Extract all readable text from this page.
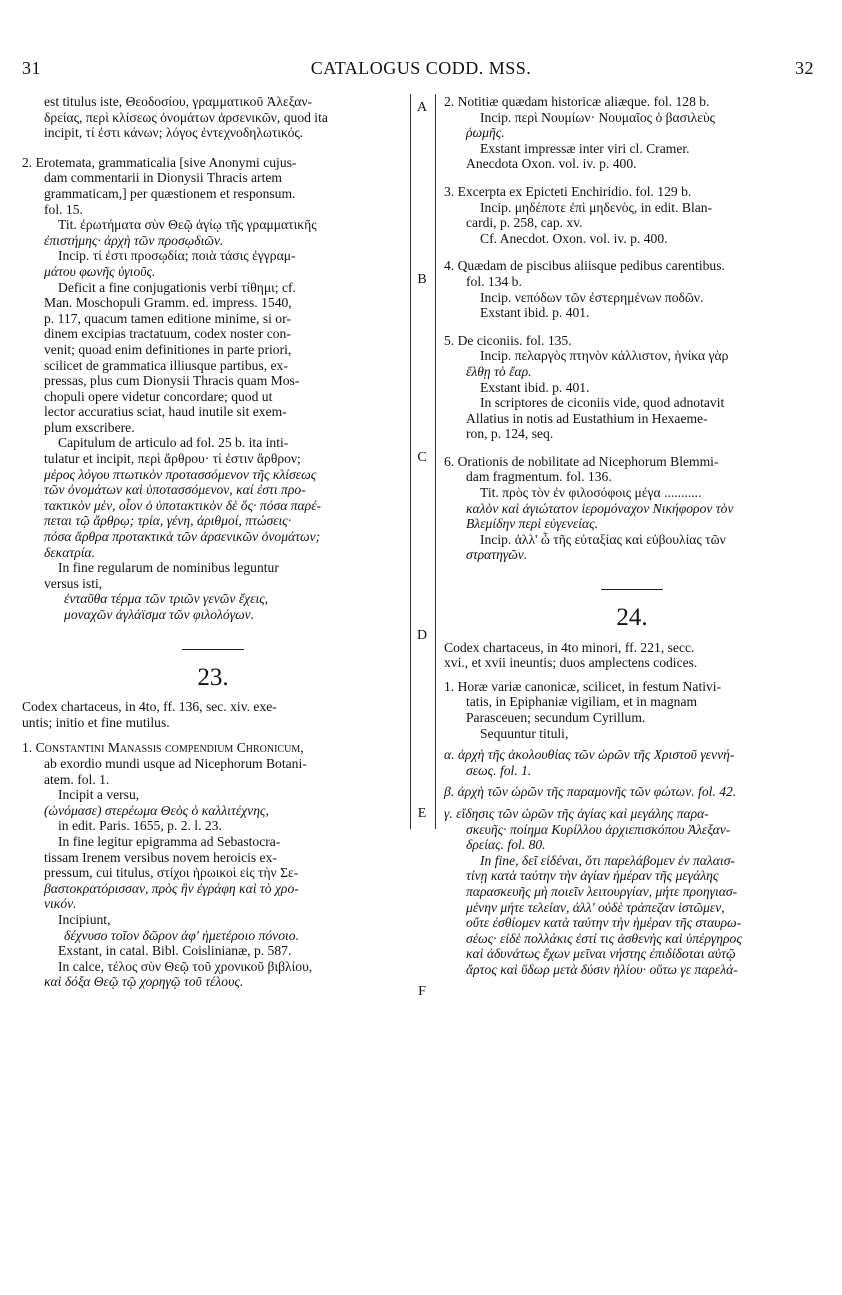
31	CATALOGUS CODD. MSS.	32
A
B
C
D
E
F

est titulus iste, Θεοδοσίου, γραμματικοῦ Ἀλεξαν-

δρείας, περὶ κλίσεως ὀνομάτων ἀρσενικῶν, quod ita

incipit, τί ἐστι κάνων; λόγος ἐντεχνοδηλωτικός.

2. Erotemata, grammaticalia [sive Anonymi cujus-

dam commentarii in Dionysii Thracis artem

grammaticam,] per quæstionem et responsum.

fol. 15.

Tit. ἐρωτήματα σὺν Θεῷ ἁγίῳ τῆς γραμματικῆς

ἐπιστήμης· ἀρχὴ τῶν προσῳδιῶν.

Incip. τί ἐστι προσῳδία; ποιὰ τάσις ἐγγραμ-

μάτου φωνῆς ὑγιοῦς.

Deficit a fine conjugationis verbi τίθημι; cf.

Man. Moschopuli Gramm. ed. impress. 1540,

p. 117, quacum tamen editione minime, si or-

dinem excipias tractatuum, codex noster con-

venit; quoad enim definitiones in parte priori,

scilicet de grammatica illiusque partibus, ex-

pressas, plus cum Dionysii Thracis quam Mos-

chopuli opere videtur concordare; quod ut

lector accuratius sciat, haud inutile sit exem-

plum exscribere.

Capitulum de articulo ad fol. 25 b. ita inti-

tulatur et incipit, περὶ ἄρθρου· τί ἐστιν ἄρθρον;

μέρος λόγου πτωτικὸν προτασσόμενον τῆς κλίσεως

τῶν ὀνομάτων καὶ ὑποτασσόμενον, καί ἐστι προ-

τακτικὸν μὲν, οἷον ὁ ὑποτακτικὸν δὲ ὅς· πόσα παρέ-

πεται τῷ ἄρθρῳ; τρία, γένη, ἀριθμοί, πτώσεις·

πόσα ἄρθρα προτακτικὰ τῶν ἀρσενικῶν ὀνομάτων;

δεκατρία.

In fine regularum de nominibus leguntur

versus isti,

ἐνταῦθα τέρμα τῶν τριῶν γενῶν ἔχεις,

μοναχῶν ἀγλάϊσμα τῶν φιλολόγων.

23.

Codex chartaceus, in 4to, ff. 136, sec. xiv. exe-

untis; initio et fine mutilus.

1. Constantini Manassis compendium Chronicum,

ab exordio mundi usque ad Nicephorum Botani-

atem. fol. 1.

Incipit a versu,

(ὠνόμασε) στερέωμα Θεὸς ὁ καλλιτέχνης,

in edit. Paris. 1655, p. 2. l. 23.

In fine legitur epigramma ad Sebastocra-

tissam Irenem versibus novem heroicis ex-

pressum, cui titulus, στίχοι ἡρωικοὶ εἰς τὴν Σε-

βαστοκρατόρισσαν, πρὸς ἣν ἐγράφη καὶ τὸ χρο-

νικόν.

Incipiunt,

δέχνυσο τοῖον δῶρον ἀφ' ἡμετέροιο πόνοιο.

Exstant, in catal. Bibl. Coislinianæ, p. 587.

In calce, τέλος σὺν Θεῷ τοῦ χρονικοῦ βιβλίου,

καὶ δόξα Θεῷ τῷ χορηγῷ τοῦ τέλους.

2. Notitiæ quædam historicæ aliæque. fol. 128 b.

Incip. περὶ Νουμίων· Νουμαῖος ὁ βασιλεὺς

ῥωμῆς.

Exstant impressæ inter viri cl. Cramer.

Anecdota Oxon. vol. iv. p. 400.

3. Excerpta ex Epicteti Enchiridio. fol. 129 b.

Incip. μηδέποτε ἐπὶ μηδενὸς, in edit. Blan-

cardi, p. 258, cap. xv.

Cf. Anecdot. Oxon. vol. iv. p. 400.

4. Quædam de piscibus aliisque pedibus carentibus.

fol. 134 b.

Incip. νεπόδων τῶν ἐστερημένων ποδῶν.

Exstant ibid. p. 401.

5. De ciconiis. fol. 135.

Incip. πελαργὸς πτηνὸν κάλλιστον, ἡνίκα γὰρ

ἔλθῃ τὸ ἔαρ.

Exstant ibid. p. 401.

In scriptores de ciconiis vide, quod adnotavit

Allatius in notis ad Eustathium in Hexaeme-

ron, p. 124, seq.

6. Orationis de nobilitate ad Nicephorum Blemmi-

dam fragmentum. fol. 136.

Tit. πρὸς τὸν ἐν φιλοσόφοις μέγα ...........

καλὸν καὶ ἁγιώτατον ἱερομόναχον Νικήφορον τὸν

Βλεμίδην περὶ εὐγενείας.

Incip. ἀλλ' ὦ τῆς εὐταξίας καὶ εὐβουλίας τῶν

στρατηγῶν.

24.

Codex chartaceus, in 4to minori, ff. 221, secc.

xvi., et xvii ineuntis; duos amplectens codices.

1. Horæ variæ canonicæ, scilicet, in festum Nativi-

tatis, in Epiphaniæ vigiliam, et in magnam

Parasceuen; secundum Cyrillum.

Sequuntur tituli,

α. ἀρχὴ τῆς ἀκολουθίας τῶν ὡρῶν τῆς Χριστοῦ γεννή-

σεως. fol. 1.

β. ἀρχὴ τῶν ὡρῶν τῆς παραμονῆς τῶν φώτων. fol. 42.

γ. εἴδησις τῶν ὡρῶν τῆς ἁγίας καὶ μεγάλης παρα-

σκευῆς· ποίημα Κυρίλλου ἀρχιεπισκόπου Ἀλεξαν-

δρείας. fol. 80.

In fine, δεῖ εἰδέναι, ὅτι παρελάβομεν ἐν παλαισ-

τίνῃ κατὰ ταύτην τὴν ἁγίαν ἡμέραν τῆς μεγάλης

παρασκευῆς μὴ ποιεῖν λειτουργίαν, μήτε προηγιασ-

μένην μήτε τελείαν, ἀλλ' οὐδὲ τράπεζαν ἱστῶμεν,

οὔτε ἐσθίομεν κατὰ ταύτην τὴν ἡμέραν τῆς σταυρω-

σέως· εἰδὲ πολλάκις ἐστί τις ἀσθενὴς καὶ ὑπέργηρος

καὶ ἀδυνάτως ἔχων μεῖναι νήστης ἐπιδίδοται αὐτῷ

ἄρτος καὶ ὕδωρ μετὰ δύσιν ἡλίου· οὕτω γε παρελά-
